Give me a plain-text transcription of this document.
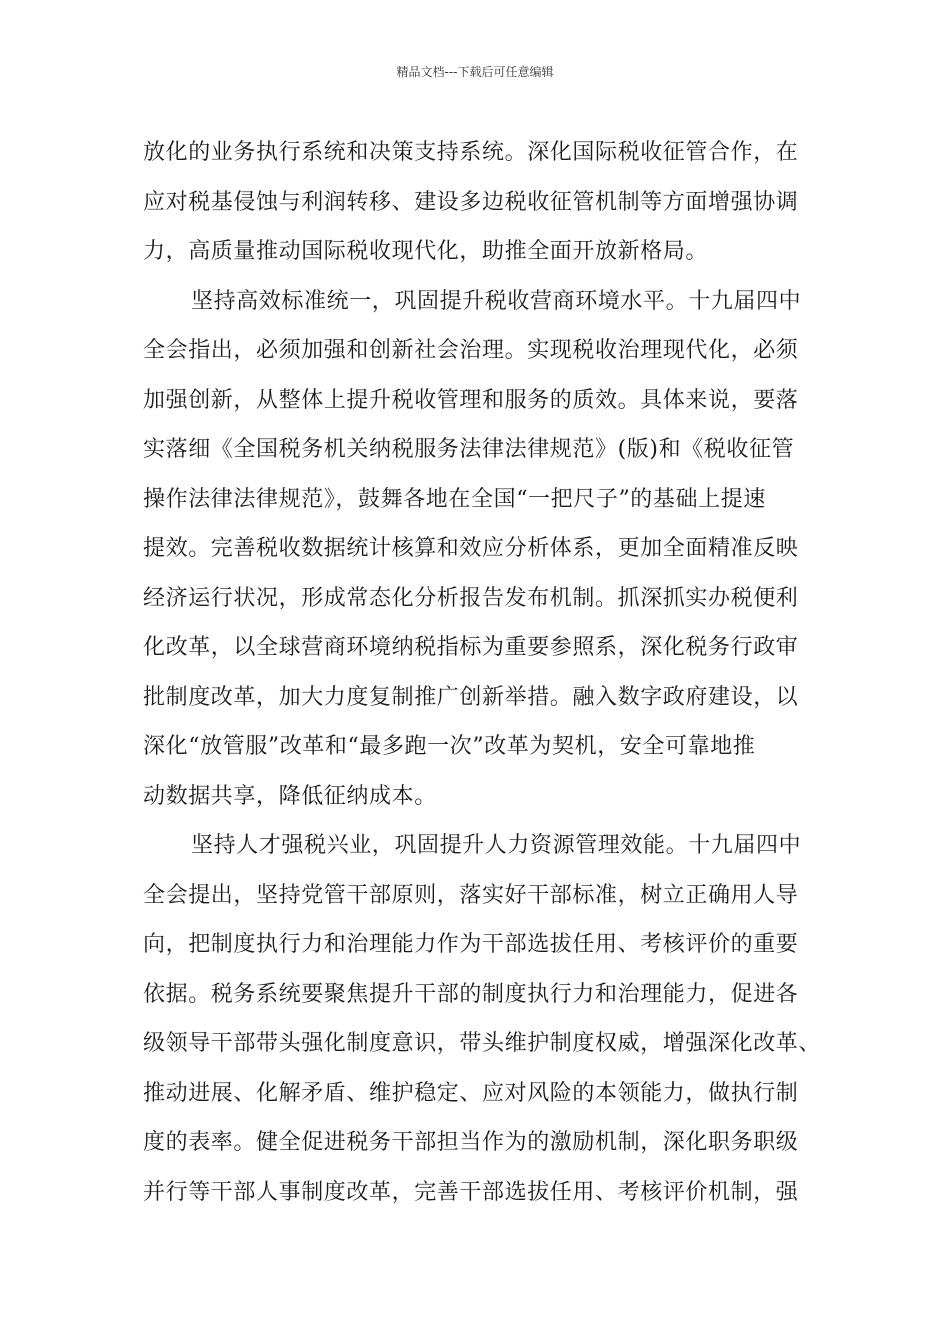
精品文档---下载后可任意编辑
放化的业务执行系统和决策支持系统。深化国际税收征管合作，在
应对税基侵蚀与利润转移、建设多边税收征管机制等方面增强协调
力，高质量推动国际税收现代化，助推全面开放新格局。
坚持高效标准统一，巩固提升税收营商环境水平。十九届四中
全会指出，必须加强和创新社会治理。实现税收治理现代化，必须
加强创新，从整体上提升税收管理和服务的质效。具体来说，要落
实落细《全国税务机关纳税服务法律法律规范》(版)和《税收征管
操作法律法律规范》，鼓舞各地在全国“一把尺子”的基础上提速
提效。完善税收数据统计核算和效应分析体系，更加全面精准反映
经济运行状况，形成常态化分析报告发布机制。抓深抓实办税便利
化改革，以全球营商环境纳税指标为重要参照系，深化税务行政审
批制度改革，加大力度复制推广创新举措。融入数字政府建设，以
深化“放管服”改革和“最多跑一次”改革为契机，安全可靠地推
动数据共享，降低征纳成本。
坚持人才强税兴业，巩固提升人力资源管理效能。十九届四中
全会提出，坚持党管干部原则，落实好干部标准，树立正确用人导
向，把制度执行力和治理能力作为干部选拔任用、考核评价的重要
依据。税务系统要聚焦提升干部的制度执行力和治理能力，促进各
级领导干部带头强化制度意识，带头维护制度权威，增强深化改革、
推动进展、化解矛盾、维护稳定、应对风险的本领能力，做执行制
度的表率。健全促进税务干部担当作为的激励机制，深化职务职级
并行等干部人事制度改革，完善干部选拔任用、考核评价机制，强
